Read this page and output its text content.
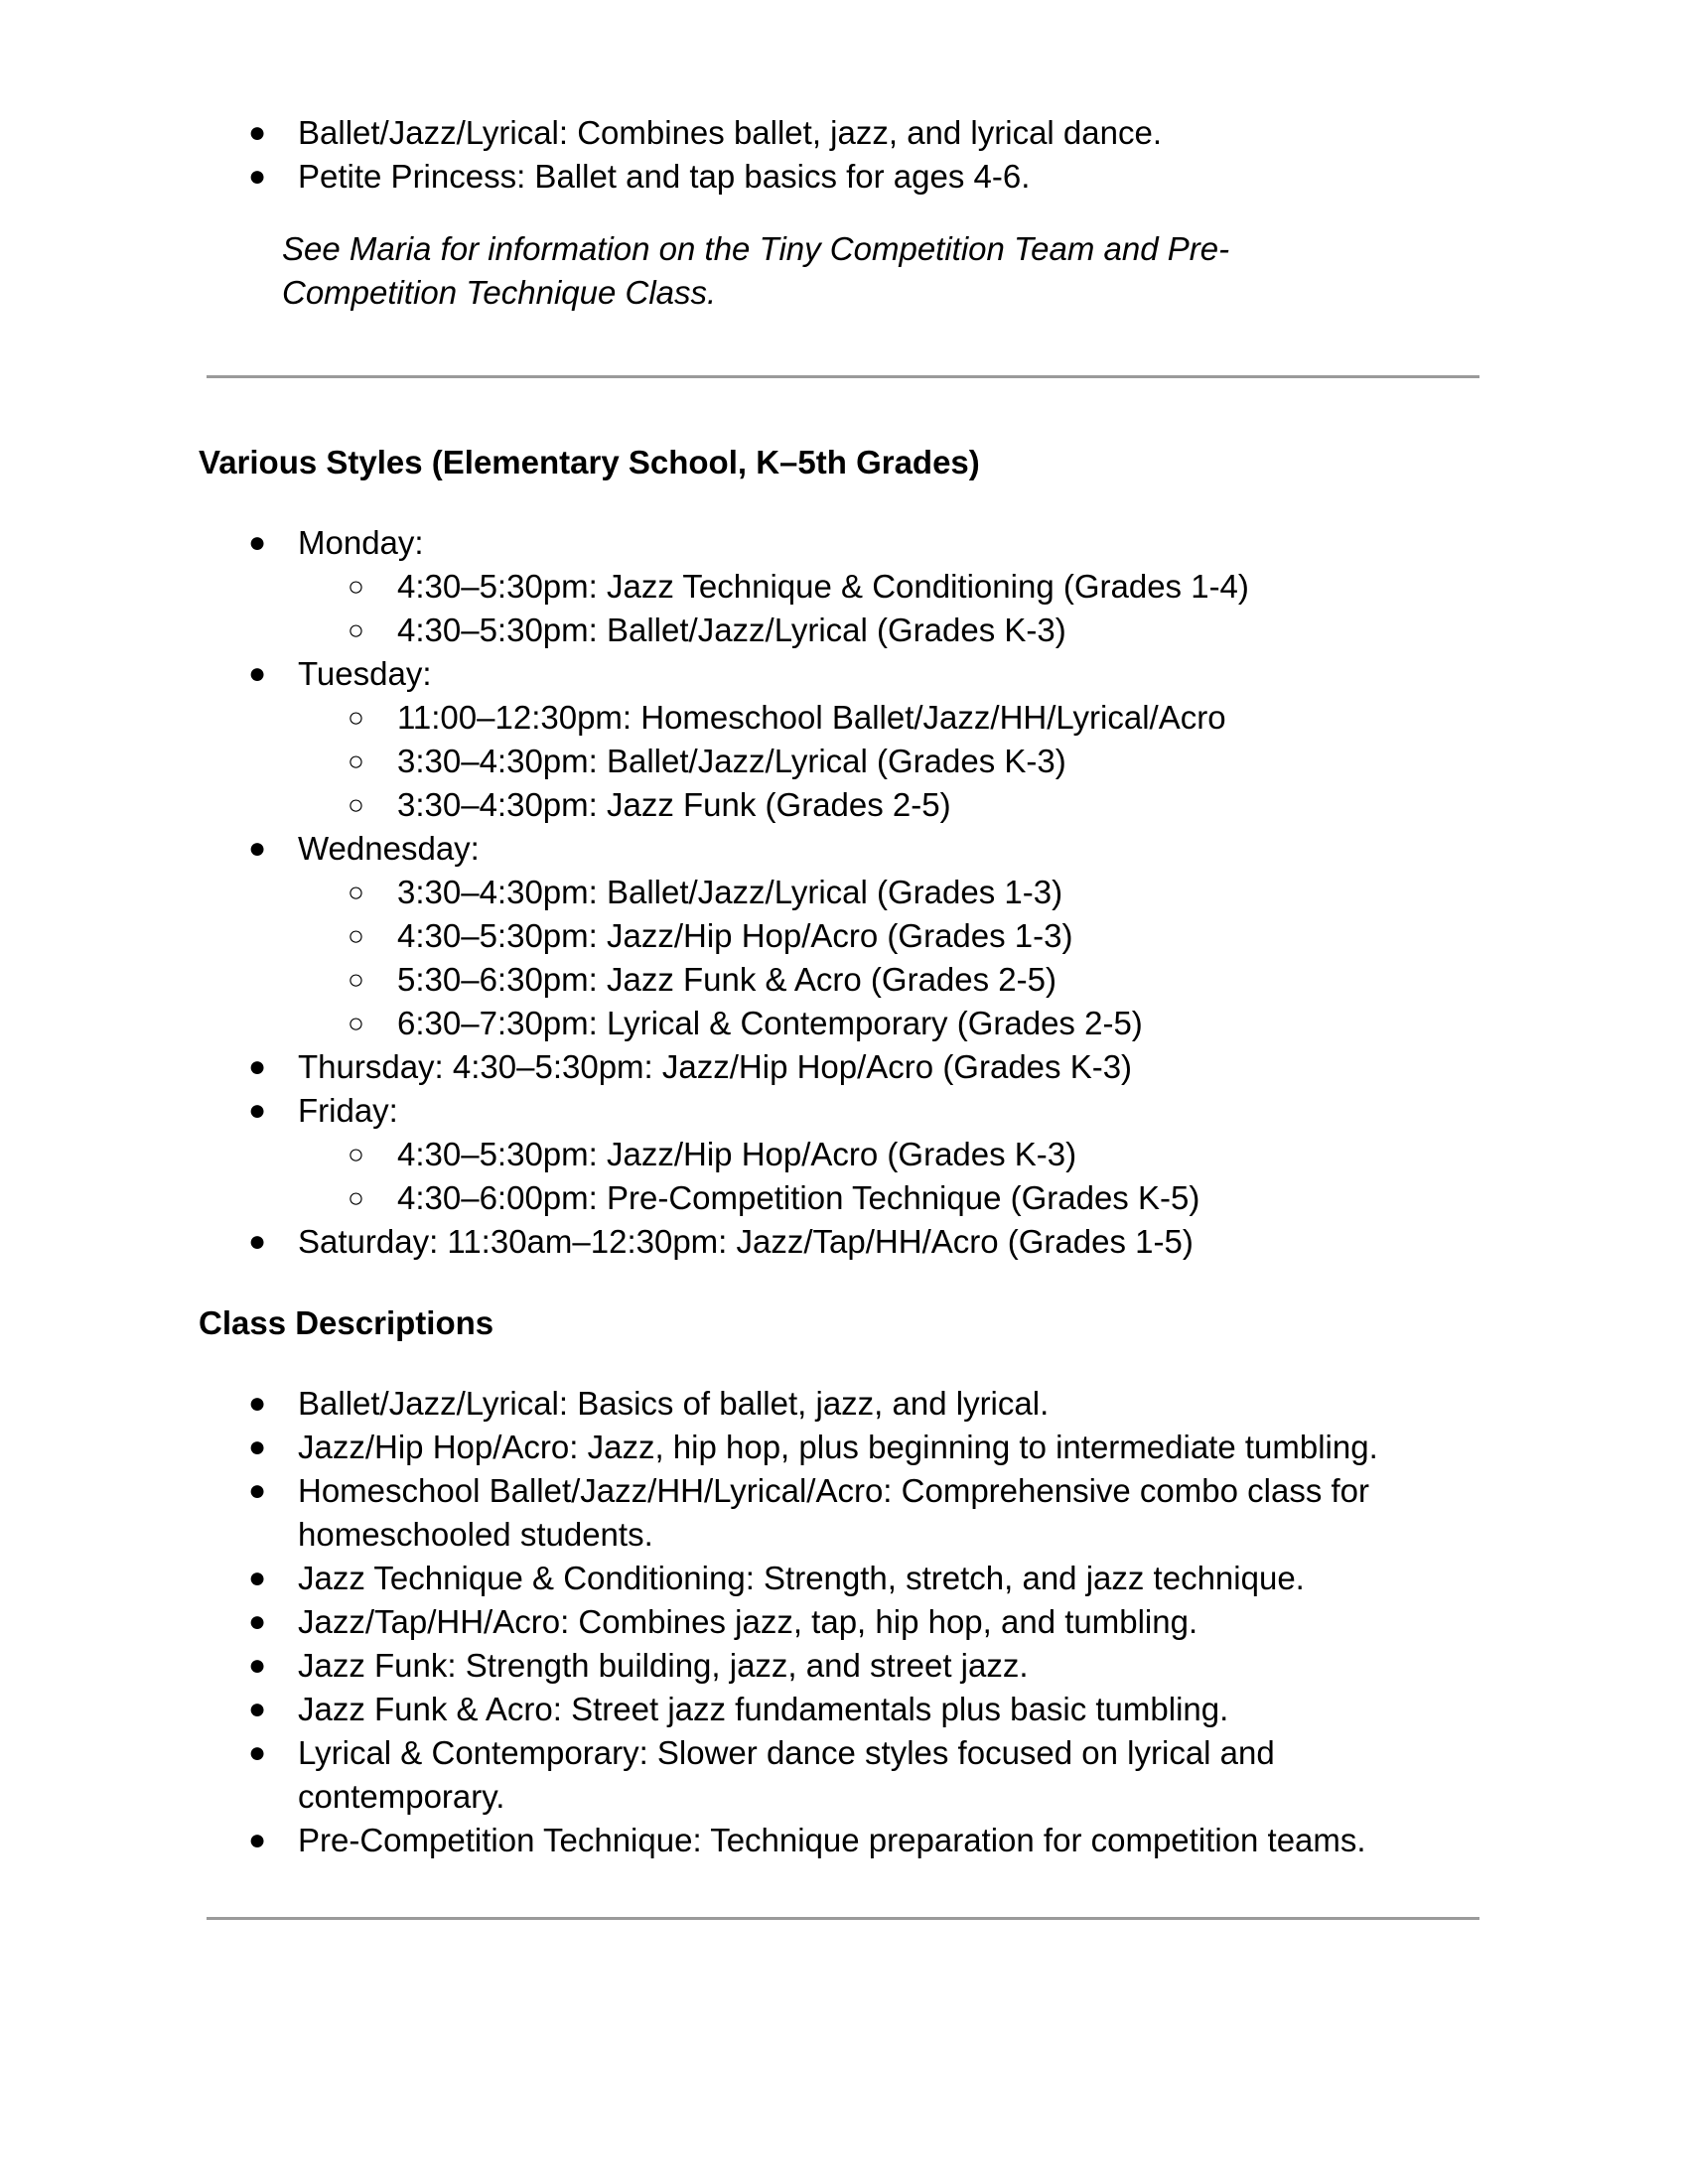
● Ballet/Jazz/Lyrical: Combines ballet, jazz, and lyrical dance.
● Petite Princess: Ballet and tap basics for ages 4-6.

See Maria for information on the Tiny Competition Team and Pre-Competition Technique Class.

Various Styles (Elementary School, K–5th Grades)
● Monday:
○ 4:30–5:30pm: Jazz Technique & Conditioning (Grades 1-4)
○ 4:30–5:30pm: Ballet/Jazz/Lyrical (Grades K-3)
● Tuesday:
○ 11:00–12:30pm: Homeschool Ballet/Jazz/HH/Lyrical/Acro
○ 3:30–4:30pm: Ballet/Jazz/Lyrical (Grades K-3)
○ 3:30–4:30pm: Jazz Funk (Grades 2-5)
● Wednesday:
○ 3:30–4:30pm: Ballet/Jazz/Lyrical (Grades 1-3)
○ 4:30–5:30pm: Jazz/Hip Hop/Acro (Grades 1-3)
○ 5:30–6:30pm: Jazz Funk & Acro (Grades 2-5)
○ 6:30–7:30pm: Lyrical & Contemporary (Grades 2-5)
● Thursday: 4:30–5:30pm: Jazz/Hip Hop/Acro (Grades K-3)
● Friday:
○ 4:30–5:30pm: Jazz/Hip Hop/Acro (Grades K-3)
○ 4:30–6:00pm: Pre-Competition Technique (Grades K-5)
● Saturday: 11:30am–12:30pm: Jazz/Tap/HH/Acro (Grades 1-5)
Class Descriptions
● Ballet/Jazz/Lyrical: Basics of ballet, jazz, and lyrical.
● Jazz/Hip Hop/Acro: Jazz, hip hop, plus beginning to intermediate tumbling.
● Homeschool Ballet/Jazz/HH/Lyrical/Acro: Comprehensive combo class for homeschooled students.
● Jazz Technique & Conditioning: Strength, stretch, and jazz technique.
● Jazz/Tap/HH/Acro: Combines jazz, tap, hip hop, and tumbling.
● Jazz Funk: Strength building, jazz, and street jazz.
● Jazz Funk & Acro: Street jazz fundamentals plus basic tumbling.
● Lyrical & Contemporary: Slower dance styles focused on lyrical and contemporary.
● Pre-Competition Technique: Technique preparation for competition teams.
